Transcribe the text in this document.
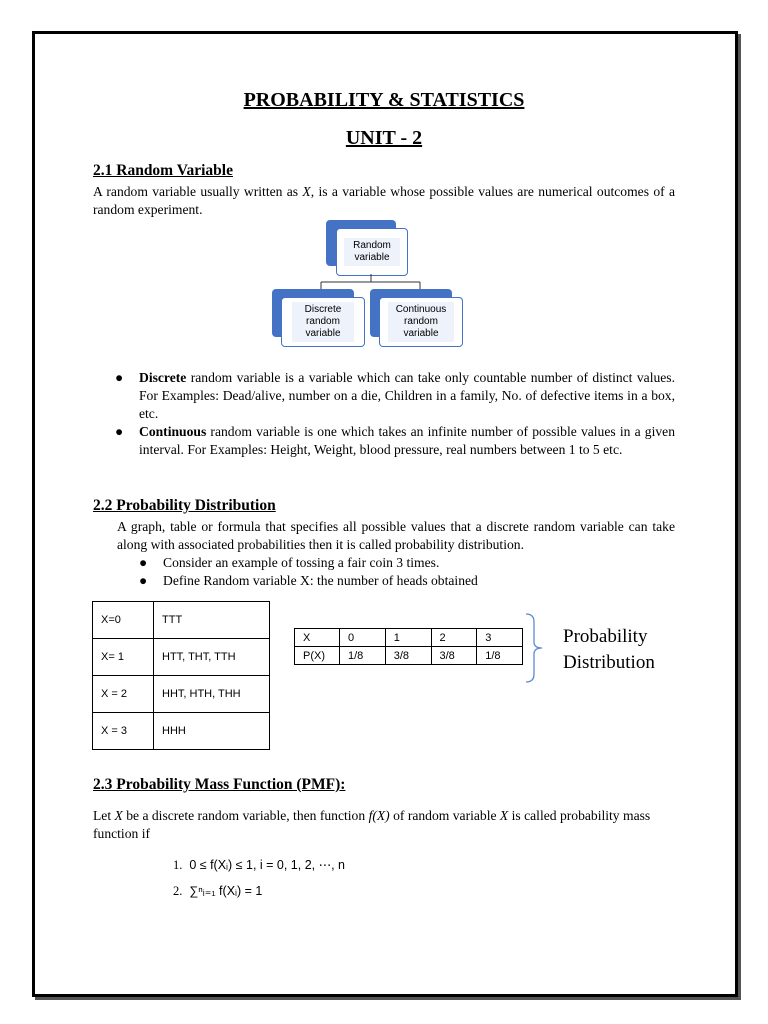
PROBABILITY & STATISTICS
UNIT - 2
2.1 Random Variable
A random variable usually written as X, is a variable whose possible values are numerical outcomes of a random experiment.
Random variable
Discrete random variable
Continuous random variable
● Discrete random variable is a variable which can take only countable number of distinct values. For Examples: Dead/alive, number on a die, Children in a family, No. of defective items in a box, etc.
● Continuous random variable is one which takes an infinite number of possible values in a given interval. For Examples: Height, Weight, blood pressure, real numbers between 1 to 5 etc.
2.2 Probability Distribution
A graph, table or formula that specifies all possible values that a discrete random variable can take along with associated probabilities then it is called probability distribution.
● Consider an example of tossing a fair coin 3 times.
● Define Random variable X: the number of heads obtained
X=0	TTT
X= 1	HTT, THT, TTH
X = 2	HHT, HTH, THH
X = 3	HHH
X	0	1	2	3
P(X)	1/8	3/8	3/8	1/8
Probability
Distribution
2.3 Probability Mass Function (PMF):
Let X be a discrete random variable, then function f(X) of random variable X is called probability mass function if
1. 0 ≤ f(Xᵢ) ≤ 1, i = 0, 1, 2, ⋯, n
2. ∑ⁿᵢ₌₁ f(Xᵢ) = 1
